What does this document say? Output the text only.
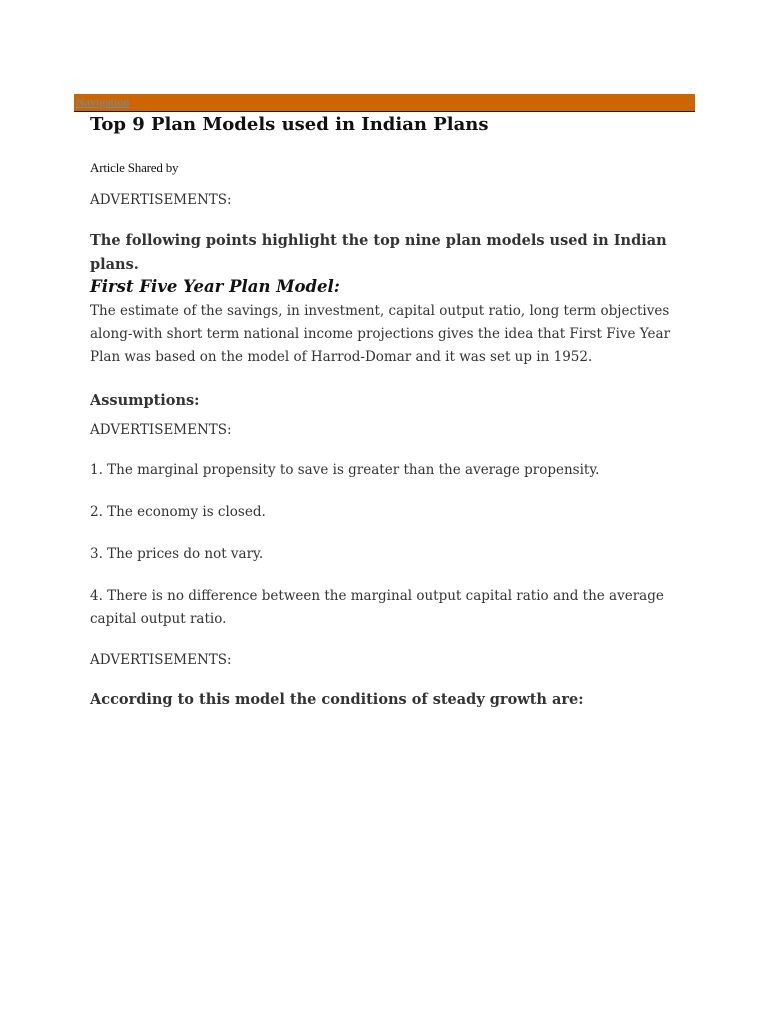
Navigation
Top 9 Plan Models used in Indian Plans

Article Shared by

ADVERTISEMENTS:

The following points highlight the top nine plan models used in Indian plans.

First Five Year Plan Model:

The estimate of the savings, in investment, capital output ratio, long term objectives along-with short term national income projections gives the idea that First Five Year Plan was based on the model of Harrod-Domar and it was set up in 1952.

Assumptions:

ADVERTISEMENTS:

1. The marginal propensity to save is greater than the average propensity.

2. The economy is closed.

3. The prices do not vary.

4. There is no difference between the marginal output capital ratio and the average capital output ratio.

ADVERTISEMENTS:

According to this model the conditions of steady growth are:
